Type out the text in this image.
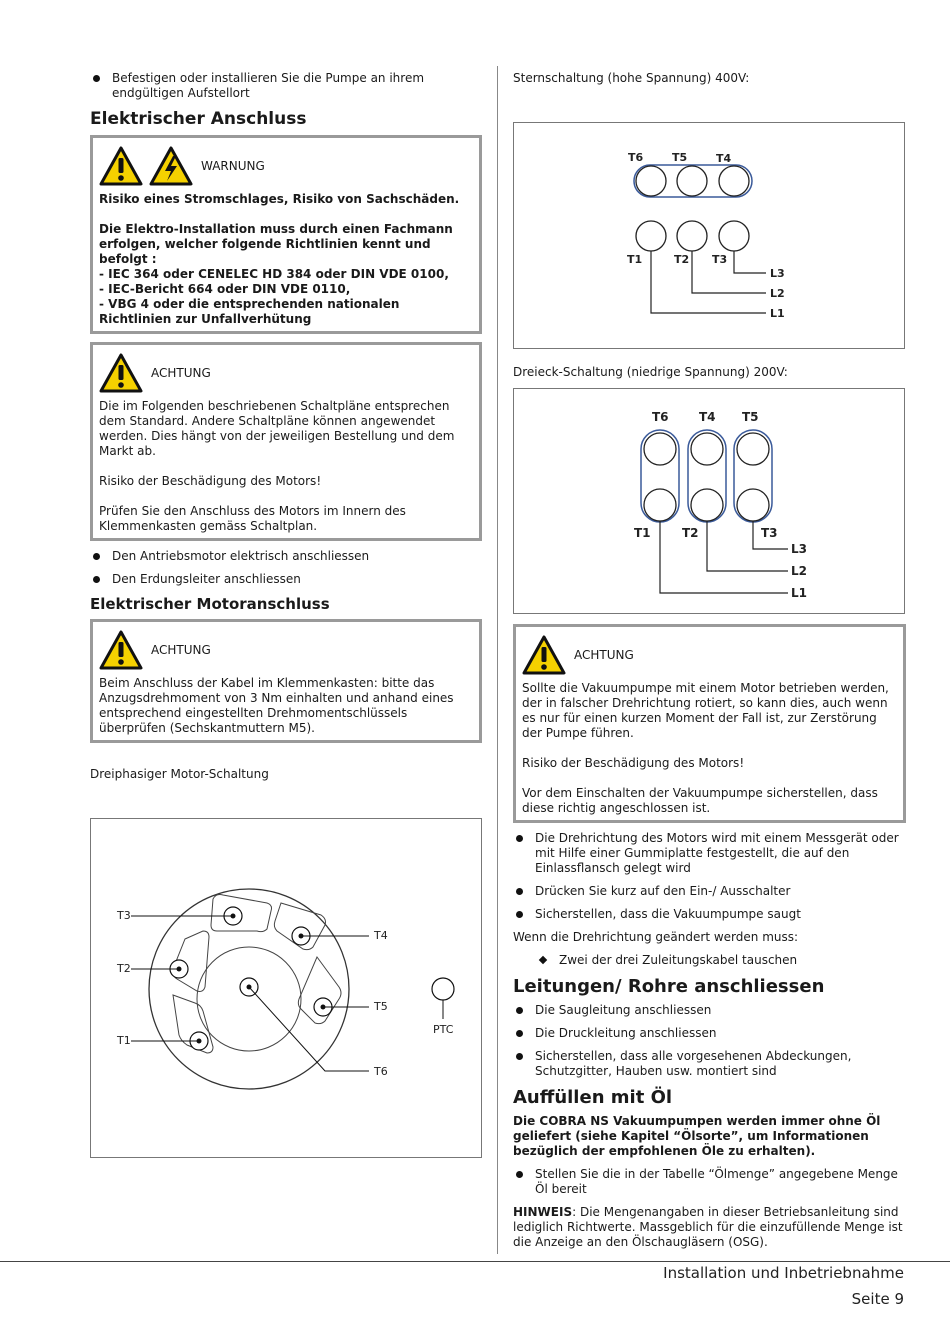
Befestigen oder installieren Sie die Pumpe an ihrem endgültigen Aufstellort
Elektrischer Anschluss
WARNUNG

Risiko eines Stromschlages, Risiko von Sachschäden.

Die Elektro-Installation muss durch einen Fachmann erfolgen, welcher folgende Richtlinien kennt und befolgt :

- IEC 364 oder CENELEC HD 384 oder DIN VDE 0100,

- IEC-Bericht 664 oder DIN VDE 0110,

- VBG 4 oder die entsprechenden nationalen Richtlinien zur Unfallverhütung

ACHTUNG

Die im Folgenden beschriebenen Schaltpläne entsprechen dem Standard. Andere Schaltpläne können angewendet werden. Dies hängt von der jeweiligen Bestellung und dem Markt ab.

Risiko der Beschädigung des Motors!

Prüfen Sie den Anschluss des Motors im Innern des Klemmenkasten gemäss Schaltplan.

Den Antriebsmotor elektrisch anschliessen
Den Erdungsleiter anschliessen
Elektrischer Motoranschluss
ACHTUNG

Beim Anschluss der Kabel im Klemmenkasten: bitte das Anzugsdrehmoment von 3 Nm einhalten und anhand eines entsprechend eingestellten Drehmomentschlüssels überprüfen (Sechskantmuttern M5).

Dreiphasiger Motor-Schaltung
T3
T2
T1
T4
T5
T6
PTC
Sternschaltung (hohe Spannung) 400V:
T6	T5	T4
T1	T2 T3
L3
L2
L1
Dreieck-Schaltung (niedrige Spannung) 200V:
T6	T4 T5
T1	T2	T3
L3
L2
L1
ACHTUNG

Sollte die Vakuumpumpe mit einem Motor betrieben werden, der in falscher Drehrichtung rotiert, so kann dies, auch wenn es nur für einen kurzen Moment der Fall ist, zur Zerstörung der Pumpe führen.

Risiko der Beschädigung des Motors!

Vor dem Einschalten der Vakuumpumpe sicherstellen, dass diese richtig angeschlossen ist.

Die Drehrichtung des Motors wird mit einem Messgerät oder mit Hilfe einer Gummiplatte festgestellt, die auf den Einlassflansch gelegt wird
Drücken Sie kurz auf den Ein-/ Ausschalter
Sicherstellen, dass die Vakuumpumpe saugt

Wenn die Drehrichtung geändert werden muss:

Zwei der drei Zuleitungskabel tauschen
Leitungen/ Rohre anschliessen
Die Saugleitung anschliessen
Die Druckleitung anschliessen
Sicherstellen, dass alle vorgesehenen Abdeckungen, Schutzgitter, Hauben usw. montiert sind
Auffüllen mit Öl

Die COBRA NS Vakuumpumpen werden immer ohne Öl geliefert (siehe Kapitel “Ölsorte”, um Informationen bezüglich der empfohlenen Öle zu erhalten).

Stellen Sie die in der Tabelle “Ölmenge” angegebene Menge Öl bereit

HINWEIS: Die Mengenangaben in dieser Betriebsanleitung sind lediglich Richtwerte. Massgeblich für die einzufüllende Menge ist die Anzeige an den Ölschaugläsern (OSG).

Installation und Inbetriebnahme
Seite 9
